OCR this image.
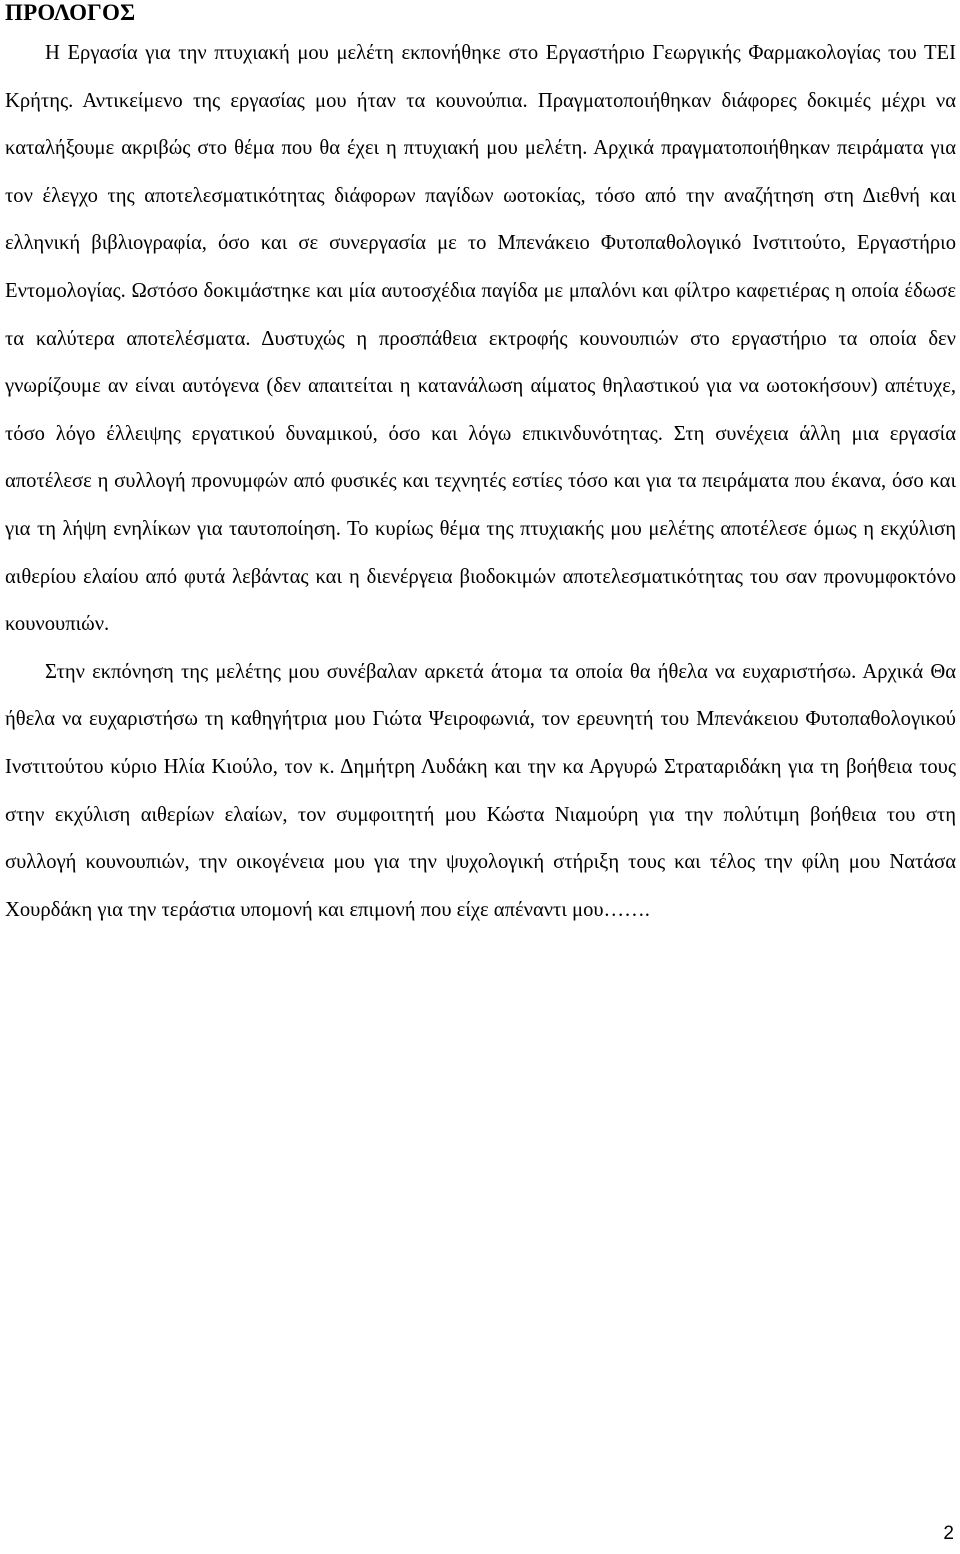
ΠΡΟΛΟΓΟΣ

Η Εργασία για την πτυχιακή μου μελέτη εκπονήθηκε στο Εργαστήριο Γεωργικής Φαρμακολογίας του ΤΕΙ Κρήτης. Αντικείμενο της εργασίας μου ήταν τα κουνούπια. Πραγματοποιήθηκαν διάφορες δοκιμές μέχρι να καταλήξουμε ακριβώς στο θέμα που θα έχει η πτυχιακή μου μελέτη. Αρχικά πραγματοποιήθηκαν πειράματα για τον έλεγχο της αποτελεσματικότητας διάφορων παγίδων ωοτοκίας, τόσο από την αναζήτηση στη Διεθνή και ελληνική βιβλιογραφία, όσο και σε συνεργασία με το Μπενάκειο Φυτοπαθολογικό Ινστιτούτο, Εργαστήριο Εντομολογίας. Ωστόσο δοκιμάστηκε και μία αυτοσχέδια παγίδα με μπαλόνι και φίλτρο καφετιέρας η οποία έδωσε τα καλύτερα αποτελέσματα. Δυστυχώς η προσπάθεια εκτροφής κουνουπιών στο εργαστήριο τα οποία δεν γνωρίζουμε αν είναι αυτόγενα (δεν απαιτείται η κατανάλωση αίματος θηλαστικού για να ωοτοκήσουν) απέτυχε, τόσο λόγο έλλειψης εργατικού δυναμικού, όσο και λόγω επικινδυνότητας. Στη συνέχεια άλλη μια εργασία αποτέλεσε η συλλογή προνυμφών από φυσικές και τεχνητές εστίες τόσο και για τα πειράματα που έκανα, όσο και για τη λήψη ενηλίκων για ταυτοποίηση. Το κυρίως θέμα της πτυχιακής μου μελέτης αποτέλεσε όμως η εκχύλιση αιθερίου ελαίου από φυτά λεβάντας και η διενέργεια βιοδοκιμών αποτελεσματικότητας του σαν προνυμφοκτόνο κουνουπιών.

Στην εκπόνηση της μελέτης μου συνέβαλαν αρκετά άτομα τα οποία θα ήθελα να ευχαριστήσω. Αρχικά Θα ήθελα να ευχαριστήσω τη καθηγήτρια μου Γιώτα Ψειροφωνιά, τον ερευνητή του Μπενάκειου Φυτοπαθολογικού Ινστιτούτου κύριο Ηλία Κιούλο, τον κ. Δημήτρη Λυδάκη και την κα Αργυρώ Στραταριδάκη για τη βοήθεια τους στην εκχύλιση αιθερίων ελαίων, τον συμφοιτητή μου Κώστα Νιαμούρη για την πολύτιμη βοήθεια του στη συλλογή κουνουπιών, την οικογένεια μου για την ψυχολογική στήριξη τους και τέλος την φίλη μου Νατάσα Χουρδάκη για την τεράστια υπομονή και επιμονή που είχε απέναντι μου…….

2
